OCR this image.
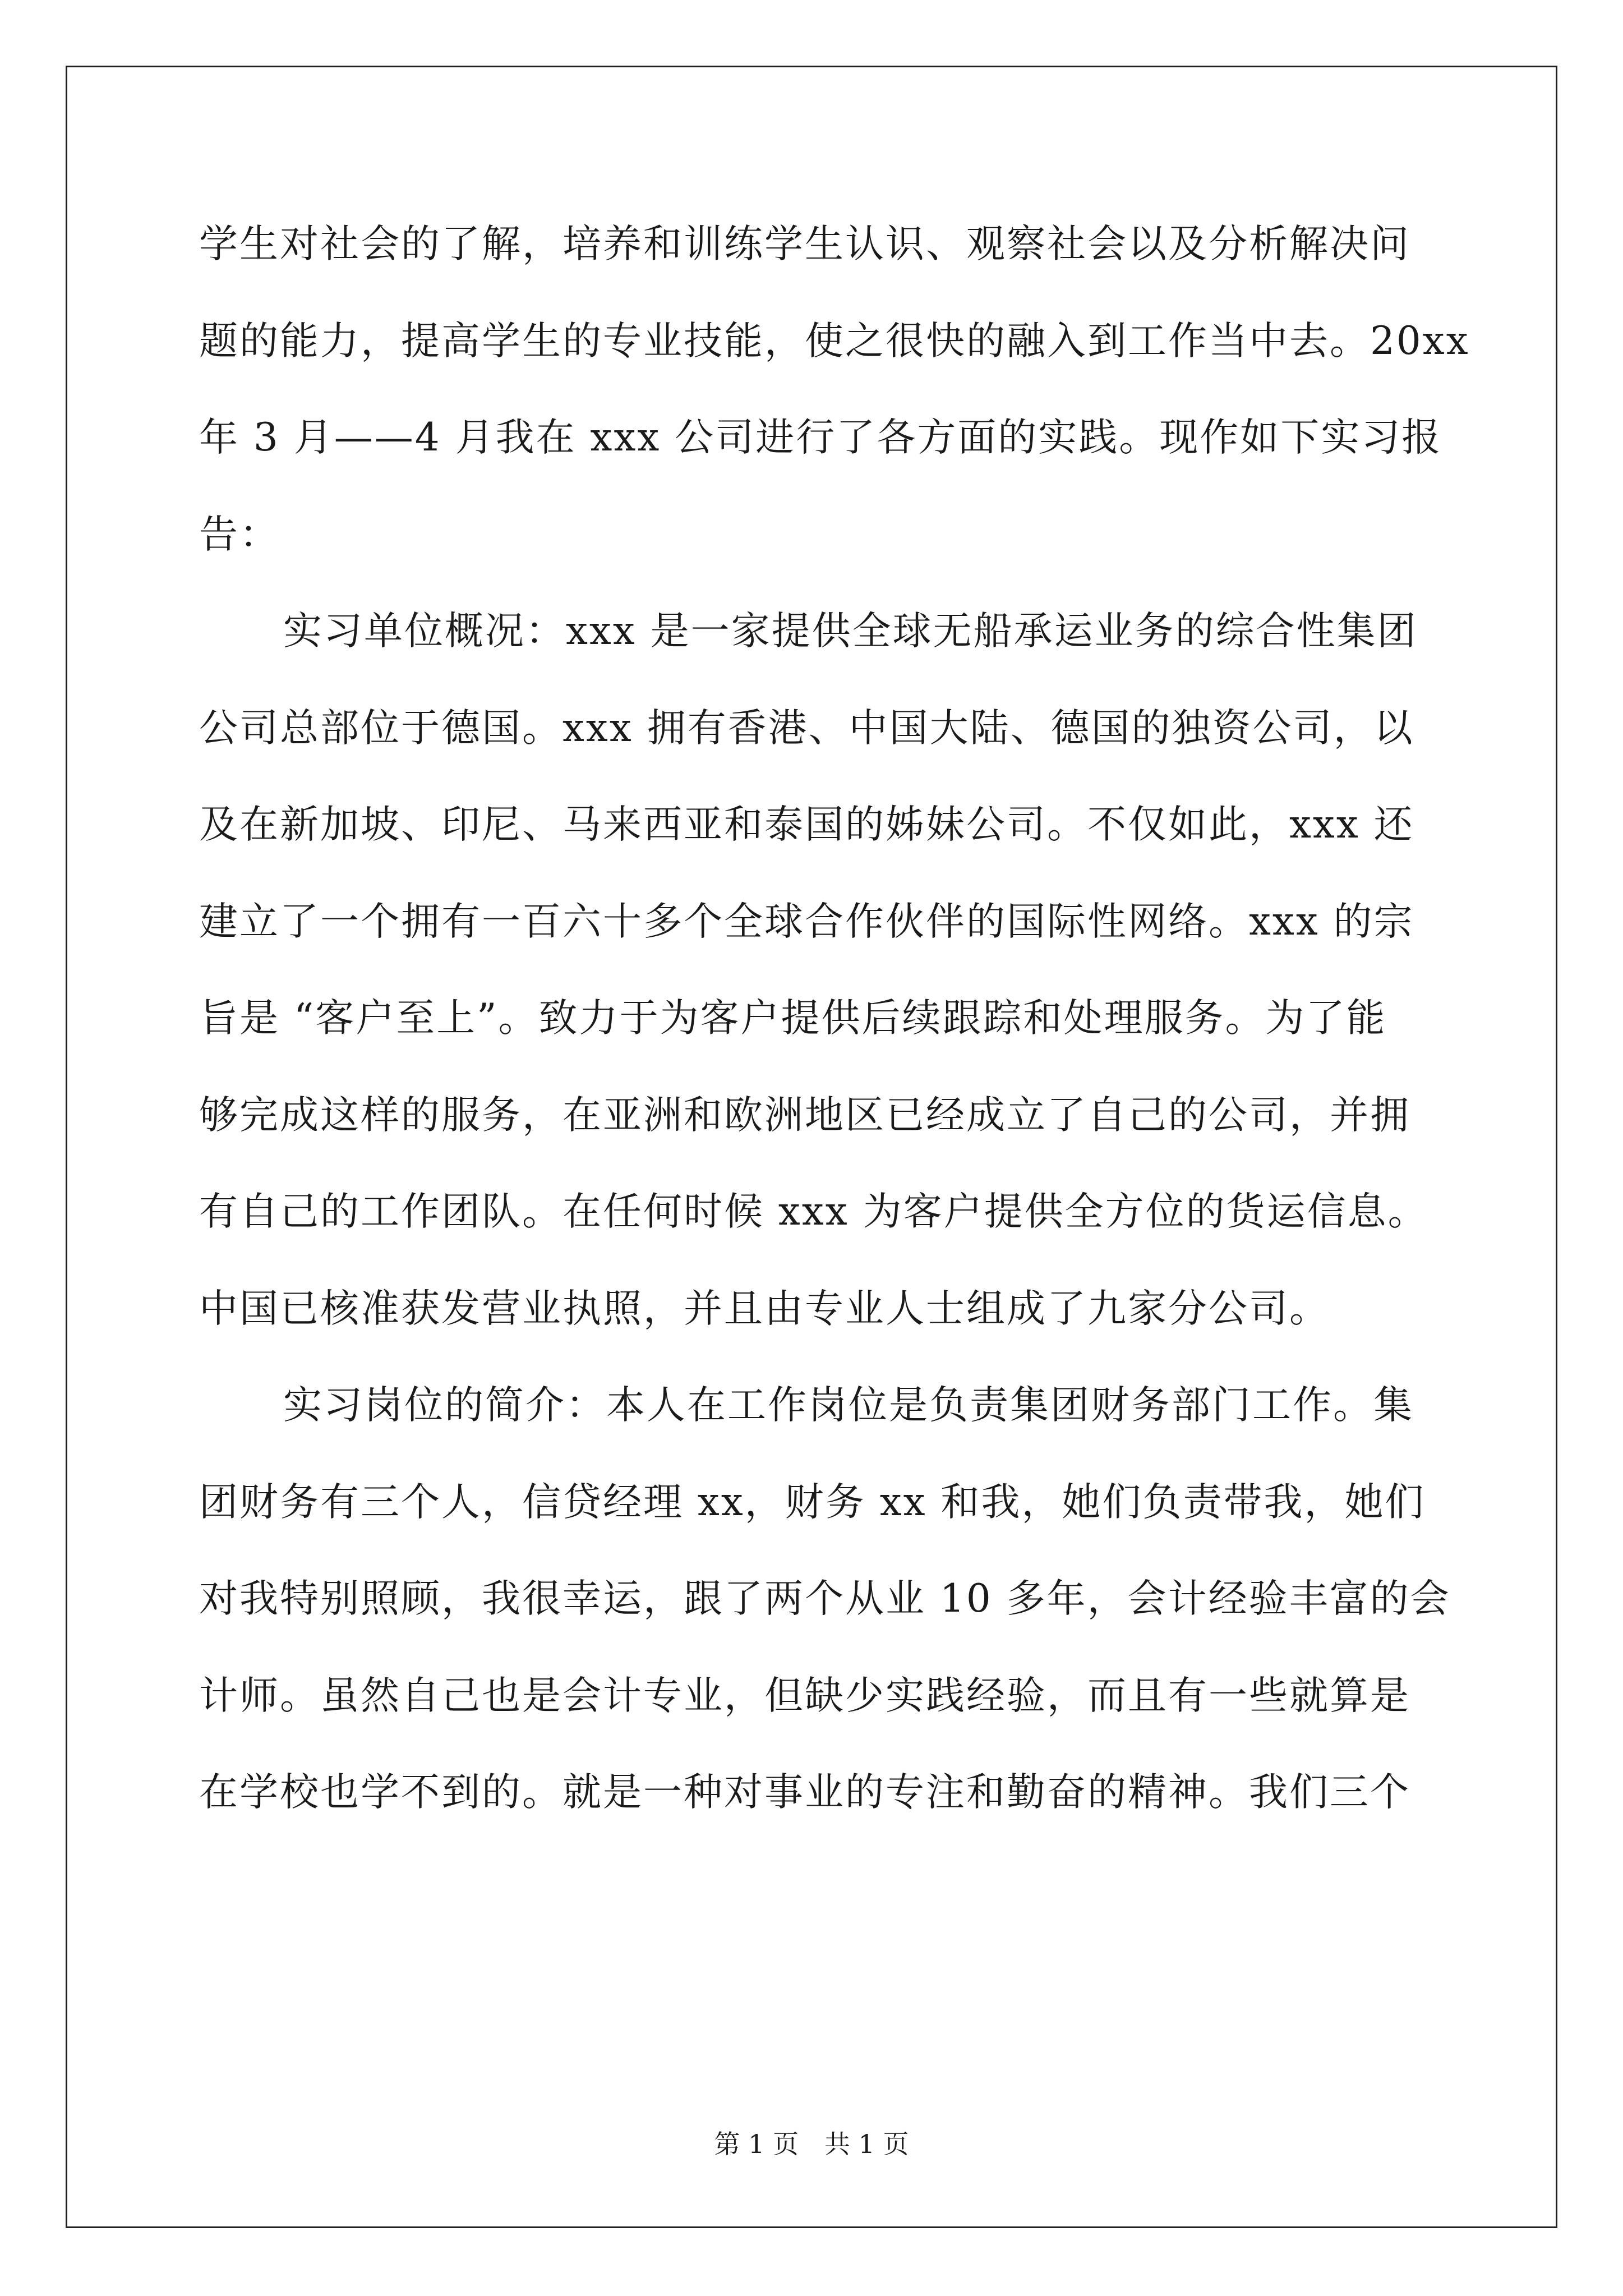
学生对社会的了解，培养和训练学生认识、观察社会以及分析解决问
题的能力，提高学生的专业技能，使之很快的融入到工作当中去。20xx
年 3 月——4 月我在 xxx 公司进行了各方面的实践。现作如下实习报
告：
实习单位概况：xxx 是一家提供全球无船承运业务的综合性集团
公司总部位于德国。xxx 拥有香港、中国大陆、德国的独资公司，以
及在新加坡、印尼、马来西亚和泰国的姊妹公司。不仅如此，xxx 还
建立了一个拥有一百六十多个全球合作伙伴的国际性网络。xxx 的宗
旨是 “客户至上”。致力于为客户提供后续跟踪和处理服务。为了能
够完成这样的服务，在亚洲和欧洲地区已经成立了自己的公司，并拥
有自己的工作团队。在任何时候 xxx 为客户提供全方位的货运信息。
中国已核准获发营业执照，并且由专业人士组成了九家分公司。
实习岗位的简介：本人在工作岗位是负责集团财务部门工作。集
团财务有三个人，信贷经理 xx，财务 xx 和我，她们负责带我，她们
对我特别照顾，我很幸运，跟了两个从业 10 多年，会计经验丰富的会
计师。虽然自己也是会计专业，但缺少实践经验，而且有一些就算是
在学校也学不到的。就是一种对事业的专注和勤奋的精神。我们三个
第 1 页　共 1 页
